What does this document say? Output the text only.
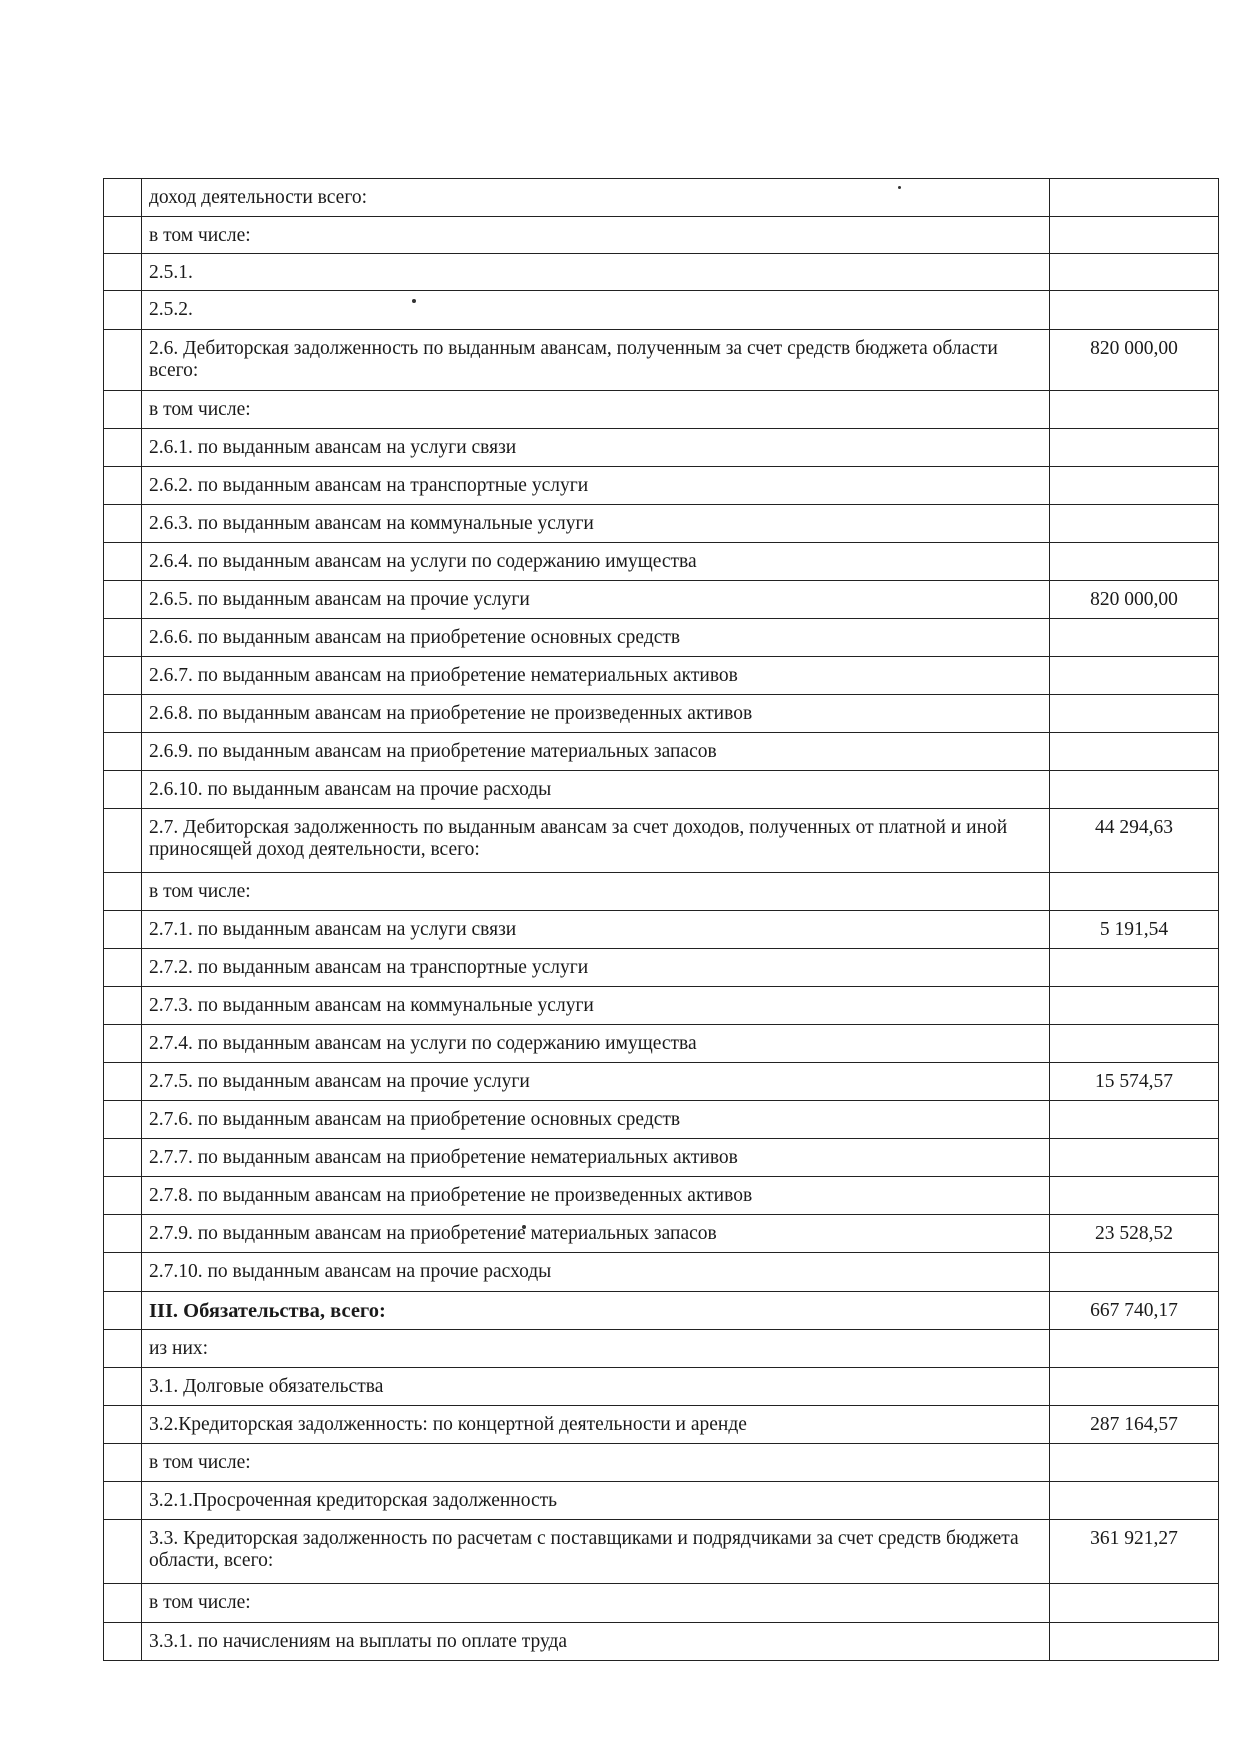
	доход деятельности всего:	
	в том числе:	
	2.5.1.	
	2.5.2.	
	2.6. Дебиторская задолженность по выданным авансам, полученным за счет средств бюджета области всего:	820 000,00
	в том числе:	
	2.6.1. по выданным авансам на услуги связи	
	2.6.2. по выданным авансам на транспортные услуги	
	2.6.3. по выданным авансам на коммунальные услуги	
	2.6.4. по выданным авансам на услуги по содержанию имущества	
	2.6.5. по выданным авансам на прочие услуги	820 000,00
	2.6.6. по выданным авансам на приобретение основных средств	
	2.6.7. по выданным авансам на приобретение нематериальных активов	
	2.6.8. по выданным авансам на приобретение не произведенных активов	
	2.6.9. по выданным авансам на приобретение материальных запасов	
	2.6.10. по выданным авансам на прочие расходы	
	2.7. Дебиторская задолженность по выданным авансам за счет доходов, полученных от платной и иной приносящей доход деятельности, всего:	44 294,63
	в том числе:	
	2.7.1. по выданным авансам на услуги связи	5 191,54
	2.7.2. по выданным авансам на транспортные услуги	
	2.7.3. по выданным авансам на коммунальные услуги	
	2.7.4. по выданным авансам на услуги по содержанию имущества	
	2.7.5. по выданным авансам на прочие услуги	15 574,57
	2.7.6. по выданным авансам на приобретение основных средств	
	2.7.7. по выданным авансам на приобретение нематериальных активов	
	2.7.8. по выданным авансам на приобретение не произведенных активов	
	2.7.9. по выданным авансам на приобретение материальных запасов	23 528,52
	2.7.10. по выданным авансам на прочие расходы	
	III. Обязательства, всего:	667 740,17
	из них:	
	3.1. Долговые обязательства	
	3.2.Кредиторская задолженность: по концертной деятельности и аренде	287 164,57
	в том числе:	
	3.2.1.Просроченная кредиторская задолженность	
	3.3. Кредиторская задолженность по расчетам с поставщиками и подрядчиками за счет средств бюджета области, всего:	361 921,27
	в том числе:	
	3.3.1. по начислениям на выплаты по оплате труда	
